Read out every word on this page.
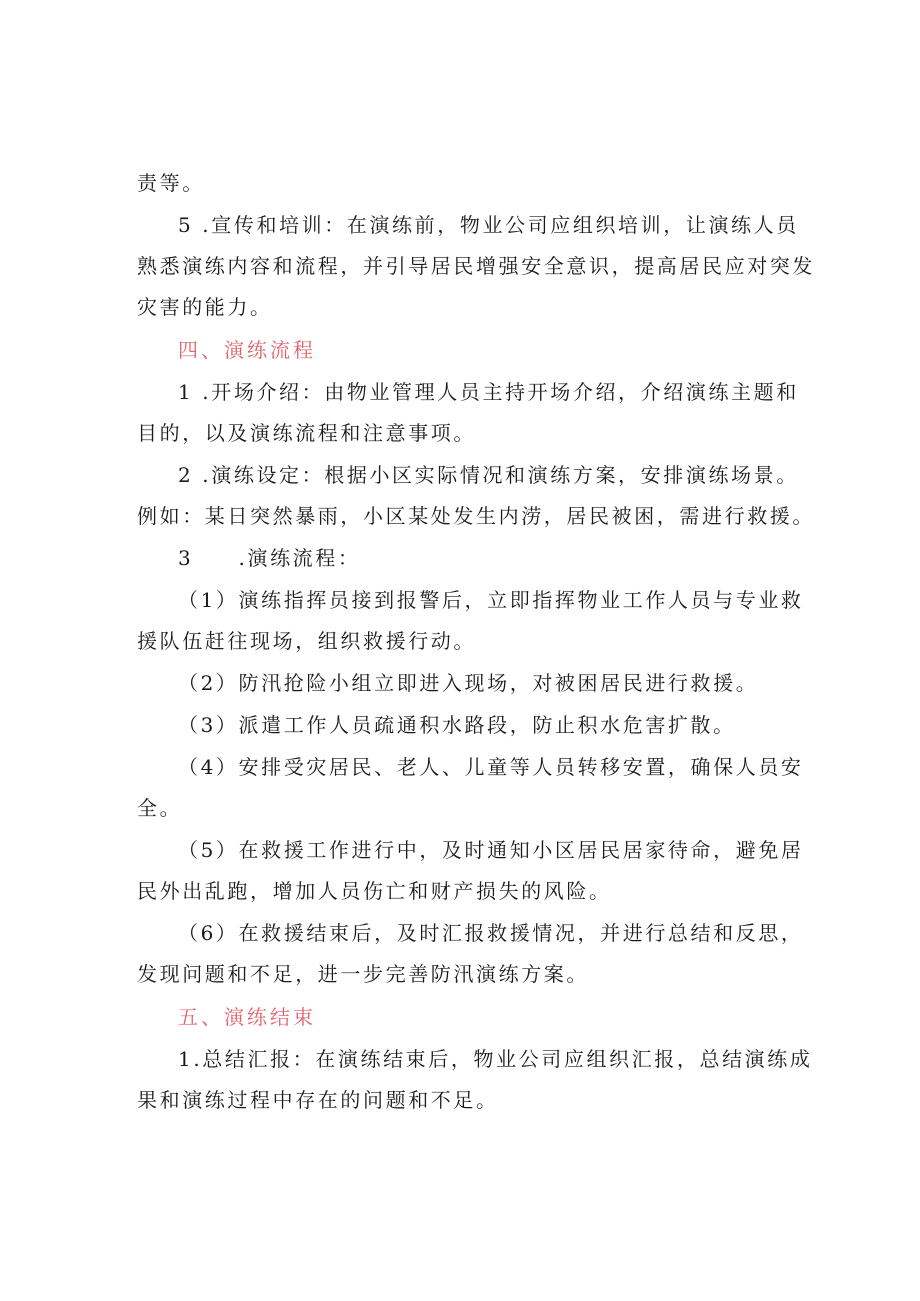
责等。
5 .宣传和培训：在演练前，物业公司应组织培训，让演练人员
熟悉演练内容和流程，并引导居民增强安全意识，提高居民应对突发
灾害的能力。
四、演练流程
1 .开场介绍：由物业管理人员主持开场介绍，介绍演练主题和
目的，以及演练流程和注意事项。
2 .演练设定：根据小区实际情况和演练方案，安排演练场景。
例如：某日突然暴雨，小区某处发生内涝，居民被困，需进行救援。
3　　.演练流程：
（1）演练指挥员接到报警后，立即指挥物业工作人员与专业救
援队伍赶往现场，组织救援行动。
（2）防汛抢险小组立即进入现场，对被困居民进行救援。
（3）派遣工作人员疏通积水路段，防止积水危害扩散。
（4）安排受灾居民、老人、儿童等人员转移安置，确保人员安
全。
（5）在救援工作进行中，及时通知小区居民居家待命，避免居
民外出乱跑，增加人员伤亡和财产损失的风险。
（6）在救援结束后，及时汇报救援情况，并进行总结和反思，
发现问题和不足，进一步完善防汛演练方案。
五、演练结束
1.总结汇报：在演练结束后，物业公司应组织汇报，总结演练成
果和演练过程中存在的问题和不足。
